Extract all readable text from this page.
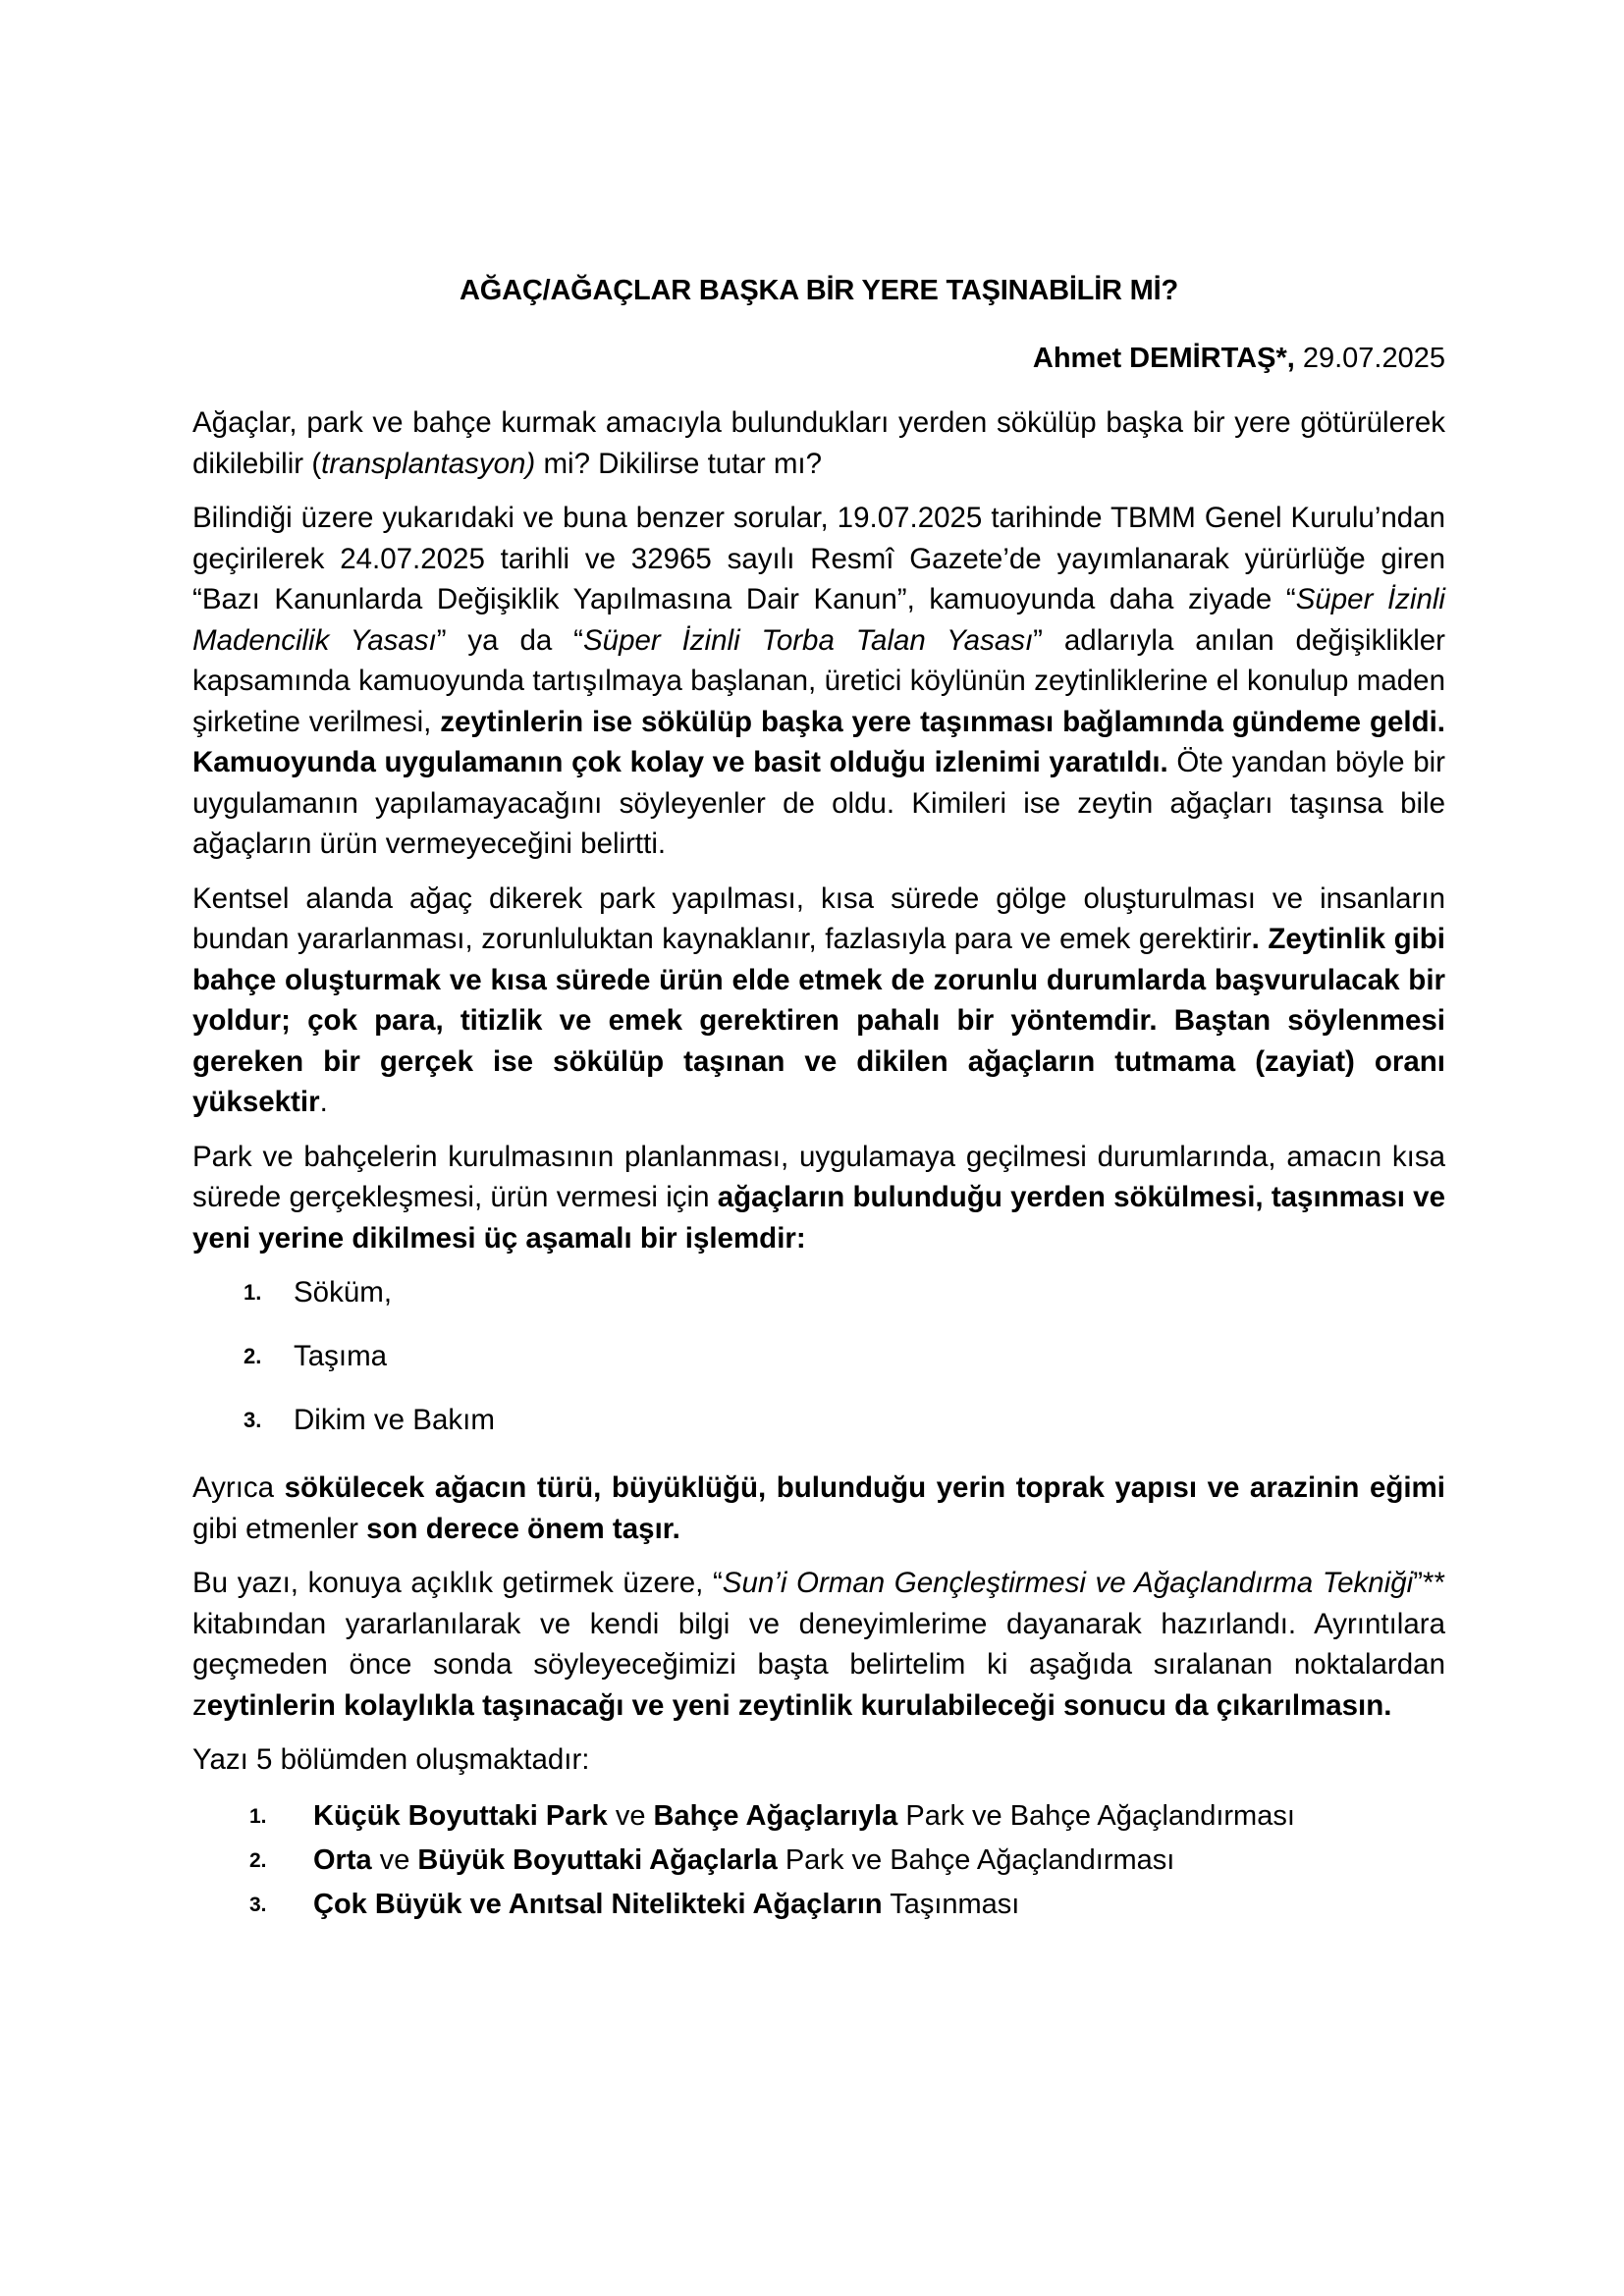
AĞAÇ/AĞAÇLAR BAŞKA BİR YERE TAŞINABİLİR Mİ?
Ahmet DEMİRTAŞ*, 29.07.2025

Ağaçlar, park ve bahçe kurmak amacıyla bulundukları yerden sökülüp başka bir yere götürülerek dikilebilir (transplantasyon) mi? Dikilirse tutar mı?

Bilindiği üzere yukarıdaki ve buna benzer sorular, 19.07.2025 tarihinde TBMM Genel Kurulu’ndan geçirilerek 24.07.2025 tarihli ve 32965 sayılı Resmî Gazete’de yayımlanarak yürürlüğe giren “Bazı Kanunlarda Değişiklik Yapılmasına Dair Kanun”, kamuoyunda daha ziyade “Süper İzinli Madencilik Yasası” ya da “Süper İzinli Torba Talan Yasası” adlarıyla anılan değişiklikler kapsamında kamuoyunda tartışılmaya başlanan, üretici köylünün zeytinliklerine el konulup maden şirketine verilmesi, zeytinlerin ise sökülüp başka yere taşınması bağlamında gündeme geldi. Kamuoyunda uygulamanın çok kolay ve basit olduğu izlenimi yaratıldı. Öte yandan böyle bir uygulamanın yapılamayacağını söyleyenler de oldu. Kimileri ise zeytin ağaçları taşınsa bile ağaçların ürün vermeyeceğini belirtti.

Kentsel alanda ağaç dikerek park yapılması, kısa sürede gölge oluşturulması ve insanların bundan yararlanması, zorunluluktan kaynaklanır, fazlasıyla para ve emek gerektirir. Zeytinlik gibi bahçe oluşturmak ve kısa sürede ürün elde etmek de zorunlu durumlarda başvurulacak bir yoldur; çok para, titizlik ve emek gerektiren pahalı bir yöntemdir. Baştan söylenmesi gereken bir gerçek ise sökülüp taşınan ve dikilen ağaçların tutmama (zayiat) oranı yüksektir.

Park ve bahçelerin kurulmasının planlanması, uygulamaya geçilmesi durumlarında, amacın kısa sürede gerçekleşmesi, ürün vermesi için ağaçların bulunduğu yerden sökülmesi, taşınması ve yeni yerine dikilmesi üç aşamalı bir işlemdir:

1. Söküm,
2. Taşıma
3. Dikim ve Bakım

Ayrıca sökülecek ağacın türü, büyüklüğü, bulunduğu yerin toprak yapısı ve arazinin eğimi gibi etmenler son derece önem taşır.

Bu yazı, konuya açıklık getirmek üzere, “Sun’i Orman Gençleştirmesi ve Ağaçlandırma Tekniği”** kitabından yararlanılarak ve kendi bilgi ve deneyimlerime dayanarak hazırlandı. Ayrıntılara geçmeden önce sonda söyleyeceğimizi başta belirtelim ki aşağıda sıralanan noktalardan zeytinlerin kolaylıkla taşınacağı ve yeni zeytinlik kurulabileceği sonucu da çıkarılmasın.

Yazı 5 bölümden oluşmaktadır:

1. Küçük Boyuttaki Park ve Bahçe Ağaçlarıyla Park ve Bahçe Ağaçlandırması
2. Orta ve Büyük Boyuttaki Ağaçlarla Park ve Bahçe Ağaçlandırması
3. Çok Büyük ve Anıtsal Nitelikteki Ağaçların Taşınması
